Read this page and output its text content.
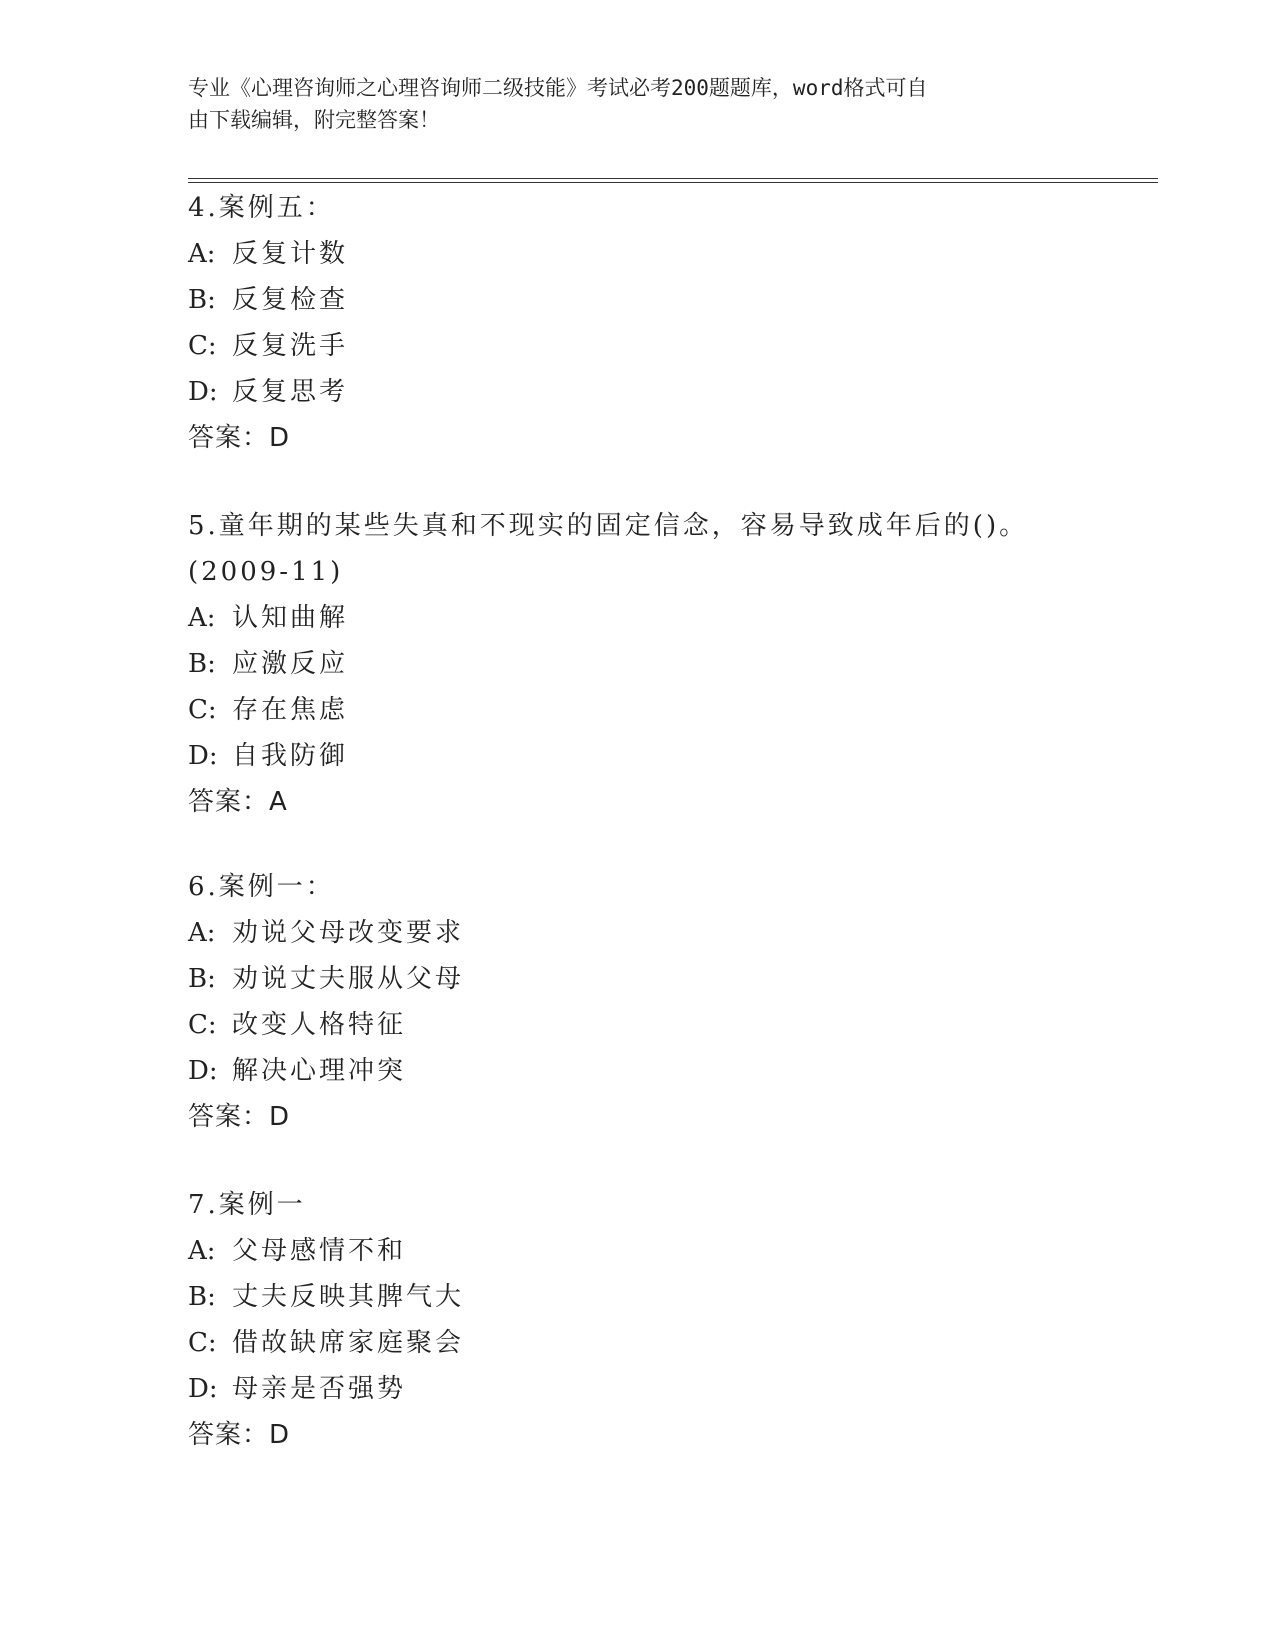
专业《心理咨询师之心理咨询师二级技能》考试必考200题题库，word格式可自
由下载编辑，附完整答案！
4.案例五：
A: 反复计数
B: 反复检查
C: 反复洗手
D: 反复思考
答案：D
5.童年期的某些失真和不现实的固定信念，容易导致成年后的()。
(2009-11)
A: 认知曲解
B: 应激反应
C: 存在焦虑
D: 自我防御
答案：A
6.案例一：
A: 劝说父母改变要求
B: 劝说丈夫服从父母
C: 改变人格特征
D: 解决心理冲突
答案：D
7.案例一
A: 父母感情不和
B: 丈夫反映其脾气大
C: 借故缺席家庭聚会
D: 母亲是否强势
答案：D
